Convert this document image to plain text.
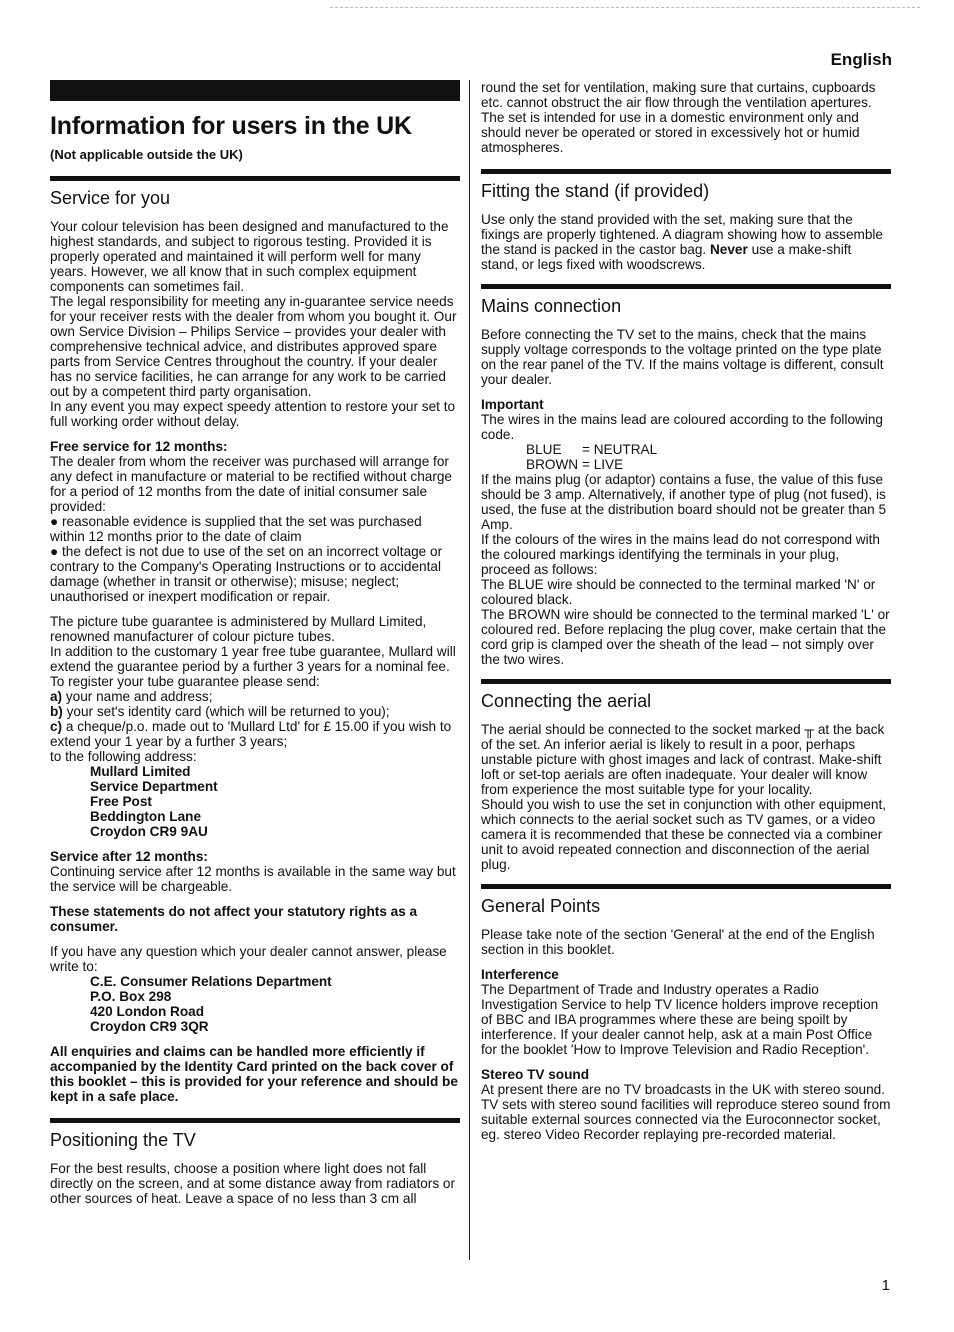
English
Information for users in the UK
(Not applicable outside the UK)
Service for you

Your colour television has been designed and manufactured to the highest standards, and subject to rigorous testing. Provided it is properly operated and maintained it will perform well for many years. However, we all know that in such complex equipment components can sometimes fail.

The legal responsibility for meeting any in-guarantee service needs for your receiver rests with the dealer from whom you bought it. Our own Service Division – Philips Service – provides your dealer with comprehensive technical advice, and distributes approved spare parts from Service Centres throughout the country. If your dealer has no service facilities, he can arrange for any work to be carried out by a competent third party organisation.

In any event you may expect speedy attention to restore your set to full working order without delay.

Free service for 12 months:

The dealer from whom the receiver was purchased will arrange for any defect in manufacture or material to be rectified without charge for a period of 12 months from the date of initial consumer sale provided:

● reasonable evidence is supplied that the set was purchased within 12 months prior to the date of claim

● the defect is not due to use of the set on an incorrect voltage or contrary to the Company's Operating Instructions or to accidental damage (whether in transit or otherwise); misuse; neglect; unauthorised or inexpert modification or repair.

The picture tube guarantee is administered by Mullard Limited, renowned manufacturer of colour picture tubes.

In addition to the customary 1 year free tube guarantee, Mullard will extend the guarantee period by a further 3 years for a nominal fee.

To register your tube guarantee please send:

a) your name and address;

b) your set's identity card (which will be returned to you);

c) a cheque/p.o. made out to 'Mullard Ltd' for £ 15.00 if you wish to extend your 1 year by a further 3 years;

to the following address:

Mullard Limited

Service Department

Free Post

Beddington Lane

Croydon CR9 9AU

Service after 12 months:

Continuing service after 12 months is available in the same way but the service will be chargeable.

These statements do not affect your statutory rights as a consumer.

If you have any question which your dealer cannot answer, please write to:

C.E. Consumer Relations Department

P.O. Box 298

420 London Road

Croydon CR9 3QR

All enquiries and claims can be handled more efficiently if accompanied by the Identity Card printed on the back cover of this booklet – this is provided for your reference and should be kept in a safe place.

Positioning the TV

For the best results, choose a position where light does not fall directly on the screen, and at some distance away from radiators or other sources of heat. Leave a space of no less than 3 cm all

round the set for ventilation, making sure that curtains, cupboards etc. cannot obstruct the air flow through the ventilation apertures.

The set is intended for use in a domestic environment only and should never be operated or stored in excessively hot or humid atmospheres.

Fitting the stand (if provided)

Use only the stand provided with the set, making sure that the fixings are properly tightened. A diagram showing how to assemble the stand is packed in the castor bag. Never use a make-shift stand, or legs fixed with woodscrews.

Mains connection

Before connecting the TV set to the mains, check that the mains supply voltage corresponds to the voltage printed on the type plate on the rear panel of the TV. If the mains voltage is different, consult your dealer.

Important

The wires in the mains lead are coloured according to the following code.

BLUE = NEUTRAL

BROWN = LIVE

If the mains plug (or adaptor) contains a fuse, the value of this fuse should be 3 amp. Alternatively, if another type of plug (not fused), is used, the fuse at the distribution board should not be greater than 5 Amp.

If the colours of the wires in the mains lead do not correspond with the coloured markings identifying the terminals in your plug, proceed as follows:

The BLUE wire should be connected to the terminal marked 'N' or coloured black.

The BROWN wire should be connected to the terminal marked 'L' or coloured red. Before replacing the plug cover, make certain that the cord grip is clamped over the sheath of the lead – not simply over the two wires.

Connecting the aerial

The aerial should be connected to the socket marked ╥ at the back of the set. An inferior aerial is likely to result in a poor, perhaps unstable picture with ghost images and lack of contrast. Make-shift loft or set-top aerials are often inadequate. Your dealer will know from experience the most suitable type for your locality.

Should you wish to use the set in conjunction with other equipment, which connects to the aerial socket such as TV games, or a video camera it is recommended that these be connected via a combiner unit to avoid repeated connection and disconnection of the aerial plug.

General Points

Please take note of the section 'General' at the end of the English section in this booklet.

Interference

The Department of Trade and Industry operates a Radio Investigation Service to help TV licence holders improve reception of BBC and IBA programmes where these are being spoilt by interference. If your dealer cannot help, ask at a main Post Office for the booklet 'How to Improve Television and Radio Reception'.

Stereo TV sound

At present there are no TV broadcasts in the UK with stereo sound. TV sets with stereo sound facilities will reproduce stereo sound from suitable external sources connected via the Euroconnector socket, eg. stereo Video Recorder replaying pre-recorded material.

1
